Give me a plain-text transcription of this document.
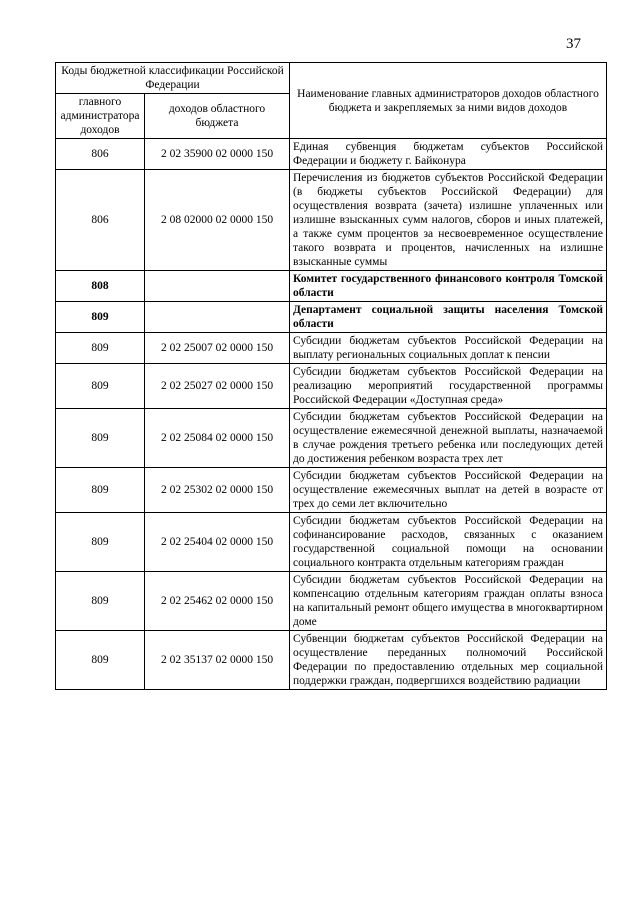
37
Коды бюджетной классификации Российской Федерации		Наименование главных администраторов доходов областного бюджета и закрепляемых за ними видов доходов
главного администратора доходов	доходов областного бюджета	
806	2 02 35900 02 0000 150	Единая субвенция бюджетам субъектов Российской Федерации и бюджету г. Байконура
806	2 08 02000 02 0000 150	Перечисления из бюджетов субъектов Российской Федерации (в бюджеты субъектов Российской Федерации) для осуществления возврата (зачета) излишне уплаченных или излишне взысканных сумм налогов, сборов и иных платежей, а также сумм процентов за несвоевременное осуществление такого возврата и процентов, начисленных на излишне взысканные суммы
808		Комитет государственного финансового контроля Томской области
809		Департамент социальной защиты населения Томской области
809	2 02 25007 02 0000 150	Субсидии бюджетам субъектов Российской Федерации на выплату региональных социальных доплат к пенсии
809	2 02 25027 02 0000 150	Субсидии бюджетам субъектов Российской Федерации на реализацию мероприятий государственной программы Российской Федерации «Доступная среда»
809	2 02 25084 02 0000 150	Субсидии бюджетам субъектов Российской Федерации на осуществление ежемесячной денежной выплаты, назначаемой в случае рождения третьего ребенка или последующих детей до достижения ребенком возраста трех лет
809	2 02 25302 02 0000 150	Субсидии бюджетам субъектов Российской Федерации на осуществление ежемесячных выплат на детей в возрасте от трех до семи лет включительно
809	2 02 25404 02 0000 150	Субсидии бюджетам субъектов Российской Федерации на софинансирование расходов, связанных с оказанием государственной социальной помощи на основании социального контракта отдельным категориям граждан
809	2 02 25462 02 0000 150	Субсидии бюджетам субъектов Российской Федерации на компенсацию отдельным категориям граждан оплаты взноса на капитальный ремонт общего имущества в многоквартирном доме
809	2 02 35137 02 0000 150	Субвенции бюджетам субъектов Российской Федерации на осуществление переданных полномочий Российской Федерации по предоставлению отдельных мер социальной поддержки граждан, подвергшихся воздействию радиации
